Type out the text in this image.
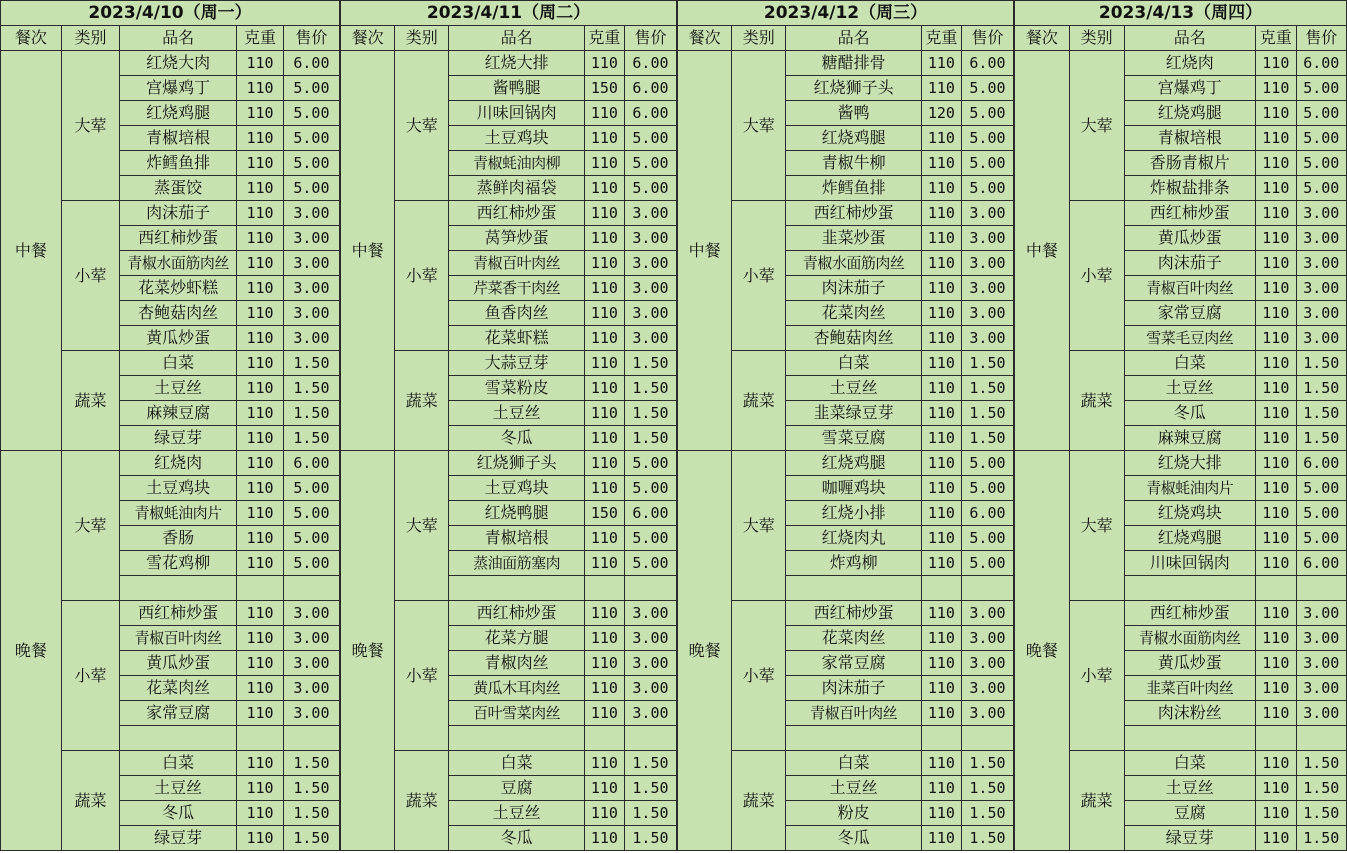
2023/4/10（周一）				
餐次	类别	品名	克重	售价
中餐	大荤	红烧大肉	110	6.00
		宫爆鸡丁	110	5.00
		红烧鸡腿	110	5.00
		青椒培根	110	5.00
		炸鳕鱼排	110	5.00
		蒸蛋饺	110	5.00
	小荤	肉沫茄子	110	3.00
		西红柿炒蛋	110	3.00
		青椒水面筋肉丝	110	3.00
		花菜炒虾糕	110	3.00
		杏鲍菇肉丝	110	3.00
		黄瓜炒蛋	110	3.00
	蔬菜	白菜	110	1.50
		土豆丝	110	1.50
		麻辣豆腐	110	1.50
		绿豆芽	110	1.50
晚餐	大荤	红烧肉	110	6.00
		土豆鸡块	110	5.00
		青椒蚝油肉片	110	5.00
		香肠	110	5.00
		雪花鸡柳	110	5.00

	小荤	西红柿炒蛋	110	3.00
		青椒百叶肉丝	110	3.00
		黄瓜炒蛋	110	3.00
		花菜肉丝	110	3.00
		家常豆腐	110	3.00

	蔬菜	白菜	110	1.50
		土豆丝	110	1.50
		冬瓜	110	1.50
		绿豆芽	110	1.50
2023/4/11（周二）				
餐次	类别	品名	克重	售价
中餐	大荤	红烧大排	110	6.00
		酱鸭腿	150	6.00
		川味回锅肉	110	6.00
		土豆鸡块	110	5.00
		青椒蚝油肉柳	110	5.00
		蒸鲜肉福袋	110	5.00
	小荤	西红柿炒蛋	110	3.00
		莴笋炒蛋	110	3.00
		青椒百叶肉丝	110	3.00
		芹菜香干肉丝	110	3.00
		鱼香肉丝	110	3.00
		花菜虾糕	110	3.00
	蔬菜	大蒜豆芽	110	1.50
		雪菜粉皮	110	1.50
		土豆丝	110	1.50
		冬瓜	110	1.50
晚餐	大荤	红烧狮子头	110	5.00
		土豆鸡块	110	5.00
		红烧鸭腿	150	6.00
		青椒培根	110	5.00
		蒸油面筋塞肉	110	5.00

	小荤	西红柿炒蛋	110	3.00
		花菜方腿	110	3.00
		青椒肉丝	110	3.00
		黄瓜木耳肉丝	110	3.00
		百叶雪菜肉丝	110	3.00

	蔬菜	白菜	110	1.50
		豆腐	110	1.50
		土豆丝	110	1.50
		冬瓜	110	1.50
2023/4/12（周三）				
餐次	类别	品名	克重	售价
中餐	大荤	糖醋排骨	110	6.00
		红烧狮子头	110	5.00
		酱鸭	120	5.00
		红烧鸡腿	110	5.00
		青椒牛柳	110	5.00
		炸鳕鱼排	110	5.00
	小荤	西红柿炒蛋	110	3.00
		韭菜炒蛋	110	3.00
		青椒水面筋肉丝	110	3.00
		肉沫茄子	110	3.00
		花菜肉丝	110	3.00
		杏鲍菇肉丝	110	3.00
	蔬菜	白菜	110	1.50
		土豆丝	110	1.50
		韭菜绿豆芽	110	1.50
		雪菜豆腐	110	1.50
晚餐	大荤	红烧鸡腿	110	5.00
		咖喱鸡块	110	5.00
		红烧小排	110	6.00
		红烧肉丸	110	5.00
		炸鸡柳	110	5.00

	小荤	西红柿炒蛋	110	3.00
		花菜肉丝	110	3.00
		家常豆腐	110	3.00
		肉沫茄子	110	3.00
		青椒百叶肉丝	110	3.00

	蔬菜	白菜	110	1.50
		土豆丝	110	1.50
		粉皮	110	1.50
		冬瓜	110	1.50
2023/4/13（周四）				
餐次	类别	品名	克重	售价
中餐	大荤	红烧肉	110	6.00
		宫爆鸡丁	110	5.00
		红烧鸡腿	110	5.00
		青椒培根	110	5.00
		香肠青椒片	110	5.00
		炸椒盐排条	110	5.00
	小荤	西红柿炒蛋	110	3.00
		黄瓜炒蛋	110	3.00
		肉沫茄子	110	3.00
		青椒百叶肉丝	110	3.00
		家常豆腐	110	3.00
		雪菜毛豆肉丝	110	3.00
	蔬菜	白菜	110	1.50
		土豆丝	110	1.50
		冬瓜	110	1.50
		麻辣豆腐	110	1.50
晚餐	大荤	红烧大排	110	6.00
		青椒蚝油肉片	110	5.00
		红烧鸡块	110	5.00
		红烧鸡腿	110	5.00
		川味回锅肉	110	6.00

	小荤	西红柿炒蛋	110	3.00
		青椒水面筋肉丝	110	3.00
		黄瓜炒蛋	110	3.00
		韭菜百叶肉丝	110	3.00
		肉沫粉丝	110	3.00

	蔬菜	白菜	110	1.50
		土豆丝	110	1.50
		豆腐	110	1.50
		绿豆芽	110	1.50
